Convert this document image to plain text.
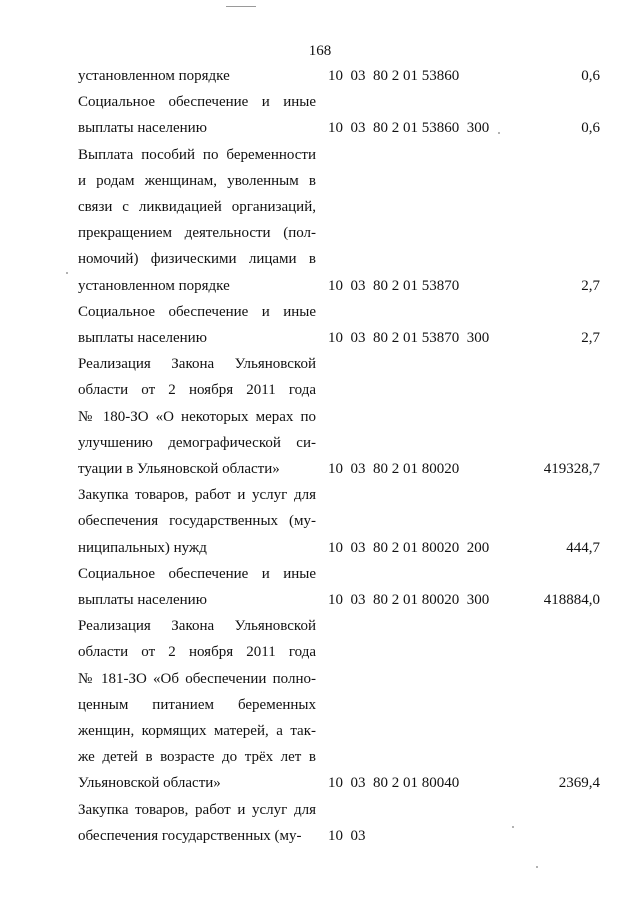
168
установленном порядке	10  03  80 2 01 53860	0,6
Социальное обеспечение и иные
выплаты населению	10  03  80 2 01 53860  300	0,6
Выплата пособий по беременности
и родам женщинам, уволенным в
связи с ликвидацией организаций,
прекращением деятельности (пол-
номочий) физическими лицами в
установленном порядке	10  03  80 2 01 53870	2,7
Социальное обеспечение и иные
выплаты населению	10  03  80 2 01 53870  300	2,7
Реализация Закона Ульяновской
области от 2 ноября 2011 года
№ 180-ЗО «О некоторых мерах по
улучшению демографической си-
туации в Ульяновской области»	10  03  80 2 01 80020	419328,7
Закупка товаров, работ и услуг для
обеспечения государственных (му-
ниципальных) нужд	10  03  80 2 01 80020  200	444,7
Социальное обеспечение и иные
выплаты населению	10  03  80 2 01 80020  300	418884,0
Реализация Закона Ульяновской
области от 2 ноября 2011 года
№ 181-ЗО «Об обеспечении полно-
ценным питанием беременных
женщин, кормящих матерей, а так-
же детей в возрасте до трёх лет в
Ульяновской области»	10  03  80 2 01 80040	2369,4
Закупка товаров, работ и услуг для
обеспечения государственных (му-	10  03
